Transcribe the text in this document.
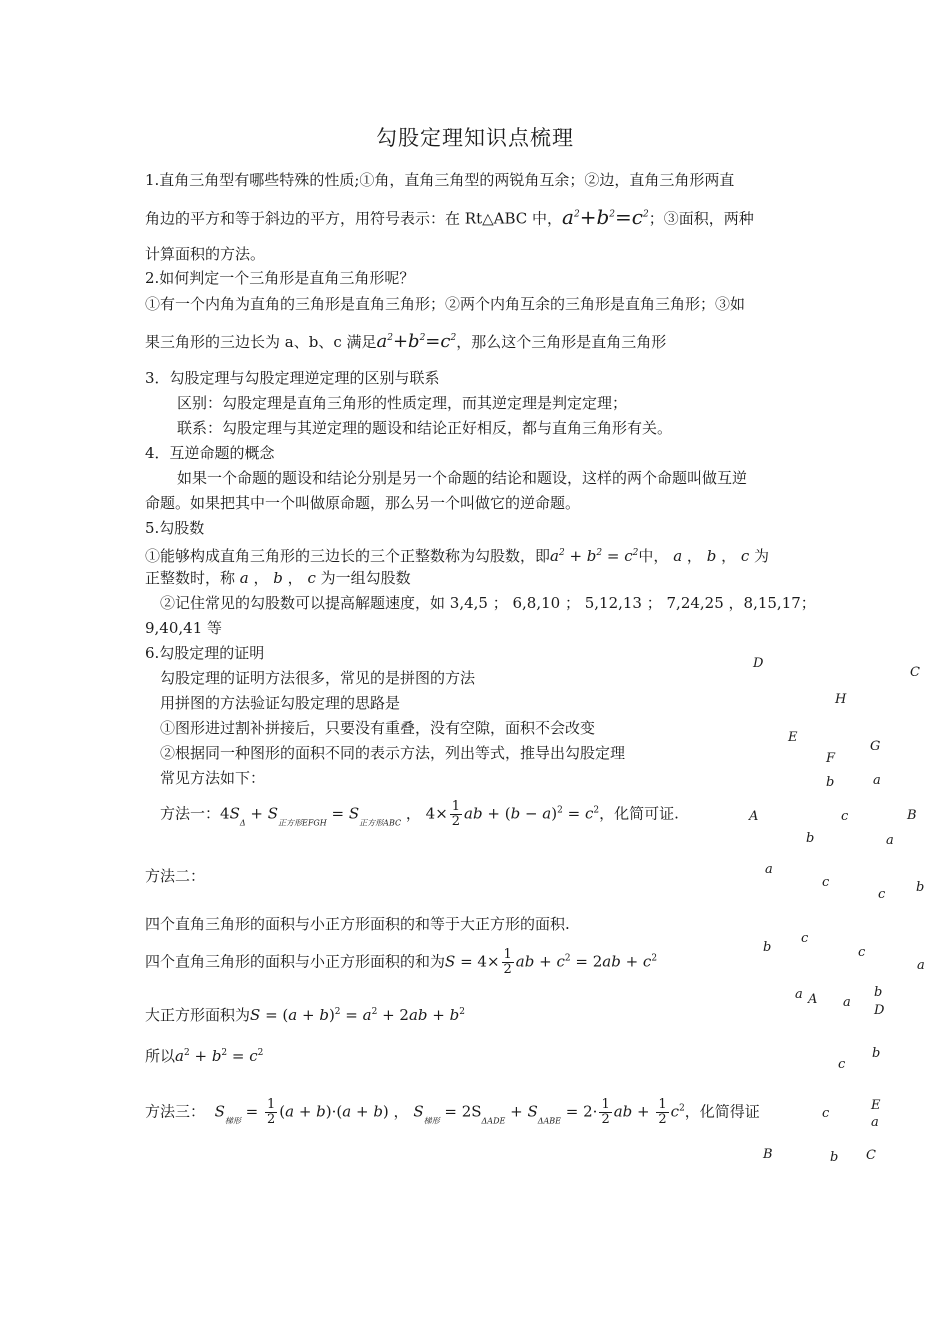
勾股定理知识点梳理
1.直角三角型有哪些特殊的性质;①角，直角三角型的两锐角互余；②边，直角三角形两直
角边的平方和等于斜边的平方，用符号表示：在 Rt△ABC 中，$a^2+b^2=c^2$；③面积，两种
计算面积的方法。
2.如何判定一个三角形是直角三角形呢？
①有一个内角为直角的三角形是直角三角形；②两个内角互余的三角形是直角三角形；③如
果三角形的三边长为 a、b、c 满足$a^2+b^2=c^2$，那么这个三角形是直角三角形
3．勾股定理与勾股定理逆定理的区别与联系
区别：勾股定理是直角三角形的性质定理，而其逆定理是判定定理；
联系：勾股定理与其逆定理的题设和结论正好相反，都与直角三角形有关。
4．互逆命题的概念
如果一个命题的题设和结论分别是另一个命题的结论和题设，这样的两个命题叫做互逆
命题。如果把其中一个叫做原命题，那么另一个叫做它的逆命题。
5.勾股数
①能够构成直角三角形的三边长的三个正整数称为勾股数，即$a^2 + b^2 = c^2$中， a ， b ， c 为
正整数时，称 a ， b ， c 为一组勾股数
②记住常见的勾股数可以提高解题速度，如 3,4,5 ； 6,8,10 ； 5,12,13 ； 7,24,25 ，8,15,17；
9,40,41 等
6.勾股定理的证明
勾股定理的证明方法很多，常见的是拼图的方法
用拼图的方法验证勾股定理的思路是
①图形进过割补拼接后，只要没有重叠，没有空隙，面积不会改变
②根据同一种图形的面积不同的表示方法，列出等式，推导出勾股定理
常见方法如下：
方法一：$4S_\Delta + S_{正方形EFGH} = S_{正方形ABC}$ ， $4\times \frac{1}{2}$ ab + $(b - a)^2 = c^2$，化简可证.
方法二：
四个直角三角形的面积与小正方形面积的和等于大正方形的面积.
四个直角三角形的面积与小正方形面积的和为$S = 4\times \frac{1}{2}$ ab + $c^2 = 2ab + c^2$
大正方形面积为$S = (a + b)^2 = a^2 + 2ab + b^2$
所以$a^2 + b^2 = c^2$
方法三： $S_{梯形} = \frac{1}{2} (a + b)\cdot(a + b)$ ， $S_{梯形} = 2S_{\Delta ADE} + S_{\Delta ABE} = 2\cdot \frac{1}{2}$ ab + $\frac{1}{2} c^2$，化简得证
D
C
H
E
G
F
b	a
A	c	B
b	a
a
c
c b
b
c
c
a
a A a
b
D
b
c
E
c
a
B	b C
